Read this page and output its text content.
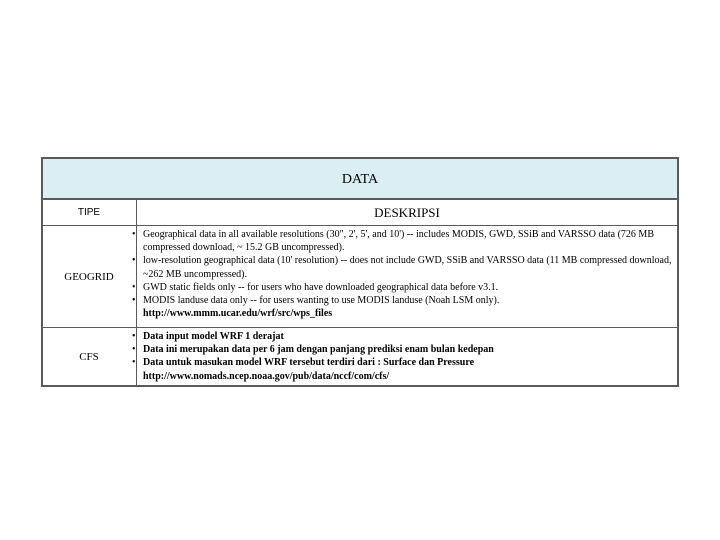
DATA
TIPE	DESKRIPSI
GEOGRID
• Geographical data in all available resolutions (30", 2', 5', and 10') -- includes MODIS, GWD, SSiB and VARSSO data (726 MB compressed download, ~ 15.2 GB uncompressed).
• low-resolution geographical data (10' resolution) -- does not include GWD, SSiB and VARSSO data (11 MB compressed download, ~262 MB uncompressed).
• GWD static fields only -- for users who have downloaded geographical data before v3.1.
• MODIS landuse data only -- for users wanting to use MODIS landuse (Noah LSM only).
http://www.mmm.ucar.edu/wrf/src/wps_files
CFS
• Data input model WRF 1 derajat
• Data ini merupakan data per 6 jam dengan panjang prediksi enam bulan kedepan
• Data untuk masukan model WRF tersebut terdiri dari : Surface dan Pressure
http://www.nomads.ncep.noaa.gov/pub/data/nccf/com/cfs/
